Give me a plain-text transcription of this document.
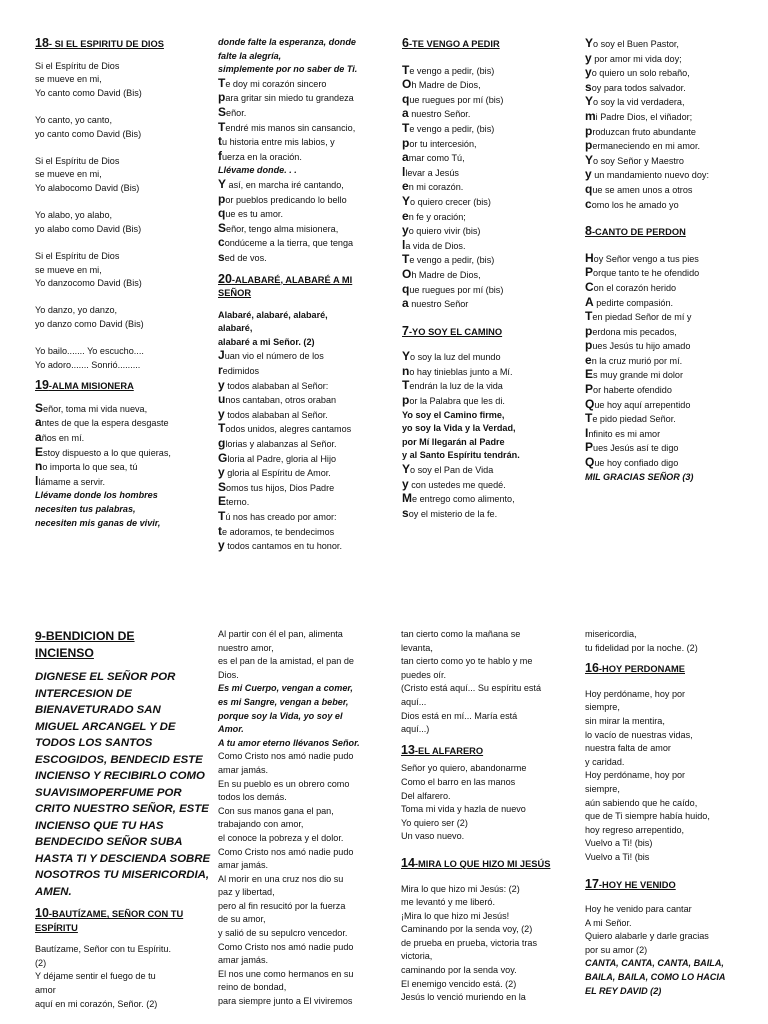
18- SI EL ESPIRITU DE DIOS
Si el Espíritu de Dios
se mueve en mi,
Yo canto como David (Bis)

Yo canto, yo canto,
yo canto como David (Bis)

Si el Espíritu de Dios
se mueve en mi,
Yo alabocomo David (Bis)

Yo alabo, yo alabo,
yo alabo como David (Bis)

Si el Espíritu de Dios
se mueve en mi,
Yo danzocomo David (Bis)

Yo danzo, yo danzo,
yo danzo como David (Bis)

Yo bailo....... Yo escucho....
Yo adoro....... Sonrió.........
19-ALMA MISIONERA
Señor, toma mi vida nueva,
antes de que la espera desgaste
años en mí.
Estoy dispuesto a lo que quieras,
no importa lo que sea, tú
llámame a servir.
Llévame donde los hombres
necesiten tus palabras,
necesiten mis ganas de vivir,
donde falte la esperanza, donde
falte la alegría,
simplemente por no saber de Ti.
Te doy mi corazón sincero
para gritar sin miedo tu grandeza
Señor.
Tendré mis manos sin cansancio,
tu historia entre mis labios, y
fuerza en la oración.
Llévame donde. . .
Y así, en marcha iré cantando,
por pueblos predicando lo bello
que es tu amor.
Señor, tengo alma misionera,
condúceme a la tierra, que tenga
sed de vos.
20-ALABARÉ, ALABARÉ A MI
SEÑOR
Alabaré, alabaré, alabaré,
alabaré,
alabaré a mi Señor. (2)
Juan vio el número de los
redimidos
y todos alababan al Señor:
unos cantaban, otros oraban
y todos alababan al Señor.
Todos unidos, alegres cantamos
glorias y alabanzas al Señor.
Gloria al Padre, gloria al Hijo
y gloria al Espíritu de Amor.
Somos tus hijos, Dios Padre
Eterno.
Tú nos has creado por amor:
te adoramos, te bendecimos
y todos cantamos en tu honor.
6-TE VENGO A PEDIR
Te vengo a pedir, (bis)
Oh Madre de Dios,
que ruegues por mí (bis)
a nuestro Señor.
Te vengo a pedir, (bis)
por tu intercesión,
amar como Tú,
llevar a Jesús
en mi corazón.
Yo quiero crecer (bis)
en fe y oración;
yo quiero vivir (bis)
la vida de Dios.
Te vengo a pedir, (bis)
Oh Madre de Dios,
que ruegues por mí (bis)
a nuestro Señor
7-YO SOY EL CAMINO
Yo soy la luz del mundo
no hay tinieblas junto a Mí.
Tendrán la luz de la vida
por la Palabra que les di.
Yo soy el Camino firme,
yo soy la Vida y la Verdad,
por Mí llegarán al Padre
y al Santo Espíritu tendrán.
Yo soy el Pan de Vida
y con ustedes me quedé.
Me entrego como alimento,
soy el misterio de la fe.
Yo soy el Buen Pastor,
y por amor mi vida doy;
yo quiero un solo rebaño,
soy para todos salvador.
Yo soy la vid verdadera,
mi Padre Dios, el viñador;
produzcan fruto abundante
permaneciendo en mi amor.
Yo soy Señor y Maestro
y un mandamiento nuevo doy:
que se amen unos a otros
como los he amado yo
8-CANTO DE PERDON
Hoy Señor vengo a tus pies
Porque tanto te he ofendido
Con el corazón herido
A pedirte compasión.
Ten piedad Señor de mí y
perdona mis pecados,
pues Jesús tu hijo amado
en la cruz murió por mí.
Es muy grande mi dolor
Por haberte ofendido
Que hoy aquí arrepentido
Te pido piedad Señor.
Infinito es mi amor
Pues Jesús así te digo
Que hoy confiado digo
MIL GRACIAS SEÑOR (3)
9-BENDICION DE
INCIENSO
DIGNESE EL SEÑOR POR
INTERCESION DE
BIENAVETURADO SAN
MIGUEL ARCANGEL Y DE
TODOS LOS SANTOS
ESCOGIDOS, BENDECID ESTE
INCIENSO Y RECIBIRLO COMO
SUAVISIMOPERFUME POR
CRITO NUESTRO SEÑOR, ESTE
INCIENSO QUE TU HAS
BENDECIDO SEÑOR SUBA
HASTA TI Y DESCIENDA SOBRE
NOSOTROS TU MISERICORDIA,
AMEN.
10-BAUTÍZAME, SEÑOR CON TU
ESPÍRITU
Bautízame, Señor con tu Espíritu.
(2)
Y déjame sentir el fuego de tu
amor
aquí en mi corazón, Señor. (2)
Al partir con él el pan, alimenta
nuestro amor,
es el pan de la amistad, el pan de
Dios.
Es mi Cuerpo, vengan a comer,
es mi Sangre, vengan a beber,
porque soy la Vida, yo soy el
Amor.
A tu amor eterno llévanos Señor.
Como Cristo nos amó nadie pudo
amar jamás.
En su pueblo es un obrero como
todos los demás.
Con sus manos gana el pan,
trabajando con amor,
el conoce la pobreza y el dolor.
Como Cristo nos amó nadie pudo
amar jamás.
Al morir en una cruz nos dio su
paz y libertad,
pero al fin resucitó por la fuerza
de su amor,
y salió de su sepulcro vencedor.
Como Cristo nos amó nadie pudo
amar jamás.
El nos une como hermanos en su
reino de bondad,
para siempre junto a El viviremos
tan cierto como la mañana se
levanta,
tan cierto como yo te hablo y me
puedes oír.
(Cristo está aquí... Su espíritu está
aquí...
Dios está en mí... María está
aquí...)
13-EL ALFARERO
Señor yo quiero, abandonarme
Como el barro en las manos
Del alfarero.
Toma mi vida y hazla de nuevo
Yo quiero ser (2)
Un vaso nuevo.
14-MIRA LO QUE HIZO MI JESÚS
Mira lo que hizo mi Jesús: (2)
me levantó y me liberó.
¡Mira lo que hizo mi Jesús!
Caminando por la senda voy, (2)
de prueba en prueba, victoria tras
victoria,
caminando por la senda voy.
El enemigo vencido está. (2)
Jesús lo venció muriendo en la
misericordia,
tu fidelidad por la noche. (2)
16-HOY PERDONAME
Hoy perdóname, hoy por
siempre,
sin mirar la mentira,
lo vacío de nuestras vidas,
nuestra falta de amor
y caridad.
Hoy perdóname, hoy por
siempre,
aún sabiendo que he caído,
que de Ti siempre había huido,
hoy regreso arrepentido,
Vuelvo a Ti! (bis)
Vuelvo a Ti! (bis
17-HOY HE VENIDO
Hoy he venido para cantar
A mi Señor.
Quiero alabarle y darle gracias
por su amor (2)
CANTA, CANTA, CANTA, BAILA,
BAILA, BAILA, COMO LO HACIA
EL REY DAVID (2)
